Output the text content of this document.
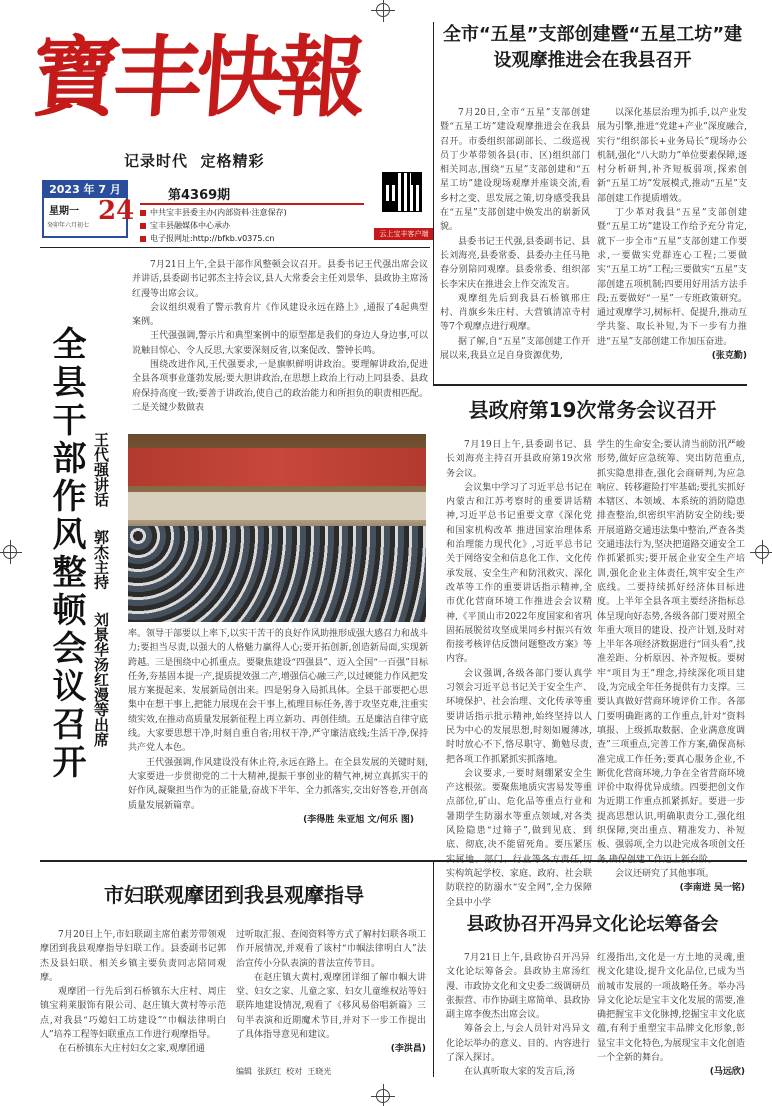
寶丰快報
记录时代  定格精彩
2023 年 7 月
星期一
癸卯年六月初七 24
第4369期
中共宝丰县委主办(内部资料·注意保存)
宝丰县融媒体中心承办
电子报网址:http://bfkb.v0375.cn	云上宝丰客户端
全市“五星”支部创建暨“五星工坊”建设观摩推进会在我县召开

7月20日,全市“五星”支部创建暨“五星工坊”建设观摩推进会在我县召开。市委组织部副部长、二级巡视员丁少革带领各县(市、区)组织部门相关同志,围绕“五星”支部创建和“五星工坊”建设现场观摩并座谈交流,看乡村之变、思发展之策,切身感受我县在“五星”支部创建中焕发出的崭新风貌。

县委书记王代强,县委副书记、县长刘海亮,县委常委、县委办主任马艳春分别陪同观摩。县委常委、组织部长李宋庆在推进会上作交流发言。

观摩组先后到我县石桥镇邢庄村、肖旗乡朱庄村、大营镇清凉寺村等7个观摩点进行观摩。

据了解,自“五星”支部创建工作开展以来,我县立足自身资源优势,

以深化基层治理为抓手,以产业发展为引擎,推进“党建+产业”深度融合,实行“组织部长+业务局长”现场办公机制,强化“八大助力”单位要素保障,逐村分析研判,补齐短板弱项,探索创新“五星工坊”发展模式,推动“五星”支部创建工作提质增效。

丁少革对我县“五星”支部创建暨“五星工坊”建设工作给予充分肯定,就下一步全市“五星”支部创建工作要求,一要做实党群连心工程;二要做实“五星工坊”工程;三要做实“五星”支部创建五项机制;四要用好用活方法手段;五要做好“一星”一专班政策研究。通过观摩学习,树标杆、促提升,推动互学共鉴、取长补短,为下一步有力推进“五星”支部创建工作加压奋进。

(张克勤)

7月21日上午,全县干部作风整顿会议召开。县委书记王代强出席会议并讲话,县委副书记郭杰主持会议,县人大常委会主任刘景华、县政协主席汤红漫等出席会议。

会议组织观看了警示教育片《作风建设永远在路上》,通报了4起典型案例。

王代强强调,警示片和典型案例中的原型都是我们的身边人身边事,可以说触目惊心、令人反思,大家要深刻反省,以案促改、警钟长鸣。

围绕改进作风,王代强要求,一是旗帜鲜明讲政治。要理解讲政治,促进全县各项事业蓬勃发展;要大胆讲政治,在思想上政治上行动上同县委、县政府保持高度一致;要善于讲政治,使自己的政治能力和所担负的职责相匹配。二是关键少数做表

全县干部作风整顿会议召开 王代强讲话  郭杰主持  刘景华汤红漫等出席 率。领导干部要以上率下,以实干苦干的良好作风助推形成强大感召力和战斗力;要担当尽责,以强大的人格魅力赢得人心;要开拓创新,创造新局面,实现新跨越。三是围绕中心抓重点。要聚焦建设“四强县”、迈入全国“一百强”目标任务,夯基固本提一产,提质提效强二产,增强信心融三产,以过硬能力作风把发展方案提起来、发展新局创出来。四是躬身入局抓具体。全县干部要把心思集中在想干事上,把能力展现在会干事上,梳理目标任务,善于攻坚克难,注重实绩实效,在推动高质量发展新征程上再立新功、再创佳绩。五是廉洁自律守底线。大家要思想干净,时刻自重自省;用权干净,严守廉洁底线;生活干净,保持共产党人本色。

王代强强调,作风建设没有休止符,永远在路上。在全县发展的关键时刻,大家要进一步贯彻党的二十大精神,提振干事创业的精气神,树立真抓实干的好作风,凝聚担当作为的正能量,奋战下半年、全力抓落实,交出好答卷,开创高质量发展新篇章。

(李得胜 朱亚旭 文/何乐 图)
县政府第19次常务会议召开

7月19日上午,县委副书记、县长刘海亮主持召开县政府第19次常务会议。

会议集中学习了习近平总书记在内蒙古和江苏考察时的重要讲话精神,习近平总书记重要文章《深化党和国家机构改革 推进国家治理体系和治理能力现代化》,习近平总书记关于网络安全和信息化工作、文化传承发展、安全生产和防汛救灾、深化改革等工作的重要讲话指示精神,全市优化营商环境工作推进会会议精神,《平顶山市2022年度国家和省巩固拓展脱贫攻坚成果同乡村振兴有效衔接考核评估反馈问题整改方案》等内容。

会议强调,各级各部门要认真学习领会习近平总书记关于安全生产、环境保护、社会治理、文化传承等重要讲话指示批示精神,始终坚持以人民为中心的发展思想,时刻如履薄冰,时时放心不下,恪尽职守、勤勉尽责,把各项工作抓紧抓实抓落地。

会议要求,一要时刻绷紧安全生产这根弦。要聚焦地质灾害易发等重点部位,矿山、危化品等重点行业和暑期学生防溺水等重点领域,对各类风险隐患“过筛子”,做到见底、到底、彻底,决不能留死角。要压紧压 实构筑起学校、家庭、政府、社会联防联控的防溺水“安全网”,全力保障全县中小学

学生的生命安全;要认清当前防汛严峻形势,做好应急统筹、突出防范重点,抓实隐患排查,强化会商研判,为应急响应、转移避险打牢基础;要扎实抓好本辖区、本领域、本系统的消防隐患排查整治,织密织牢消防安全防线;要开展道路交通违法集中整治,严查各类交通违法行为,坚决把道路交通安全工作抓紧抓实;要开展企业安全生产培训,强化企业主体责任,筑牢安全生产底线。二要持续抓好经济体目标进度。上半年全县各项主要经济指标总体呈现向好态势,各级各部门要对照全年重大项目的建设、投产计划,及时对上半年各项经济数据进行“回头看”,找准差距、分析原因、补齐短板。要树牢“项目为王”理念,持续深化项目建设,为完成全年任务提供有力支撑。三要认真做好营商环境评价工作。各部门要明确距离的工作重点,针对“资料填报、上级抓取数据、企业满意度调查”三项重点,完善工作方案,确保高标准完成工作任务;要真心服务企业,不断优化营商环境,力争在全省营商环境评价中取得优异成绩。四要把创文作为近期工作重点抓紧抓好。要进一步提高思想认识,明确职责分工,强化组织保障,突出重点、精准发力、补短板、强弱项,全力以赴完成各项创文任

会议还研究了其他事项。

(李南进 吴一铭)
市妇联观摩团到我县观摩指导

7月20日上午,市妇联副主席伯素芳带领观摩团到我县观摩指导妇联工作。县委副书记郭杰及县妇联、相关乡镇主要负责同志陪同观摩。

观摩团一行先后到石桥镇东大庄村、周庄镇宝莉莱服饰有限公司、赵庄镇大黄村等示范点,对我县“巧媳妇工坊建设”“巾帼法律明白人”培养工程等妇联重点工作进行观摩指导。

在石桥镇东大庄村妇女之家,观摩团通

过听取汇报、查阅资料等方式了解村妇联各项工作开展情况,并观看了该村“巾帼法律明白人”法治宣传小分队表演的普法宣传节目。

在赵庄镇大黄村,观摩团详细了解巾帼大讲堂、妇女之家、儿童之家、妇女儿童维权站等妇联阵地建设情况,观看了《移风易俗唱新篇》三句半表演和近期魔术节目,并对下一步工作提出了具体指导意见和建议。

(李洪昌)
编辑  张跃红  校对  王晓光
县政协召开冯异文化论坛筹备会

7月21日上午,县政协召开冯异文化论坛筹备会。县政协主席汤红漫、市政协文化和文史委二级调研员张振营、市作协副主席简单、县政协副主席李俊杰出席会议。

筹备会上,与会人员针对冯异文化论坛举办的意义、目的、内容进行了深入探讨。

在认真听取大家的发言后,汤

红漫指出,文化是一方土地的灵魂,重视文化建设,提升文化品位,已成为当前城市发展的一项战略任务。举办冯异文化论坛是宝丰文化发展的需要,准确把握宝丰文化脉搏,挖掘宝丰文化底蕴,有利于重塑宝丰品牌文化形象,彰显宝丰文化特色,为展现宝丰文化创造一个全新的舞台。

(马远欣)
